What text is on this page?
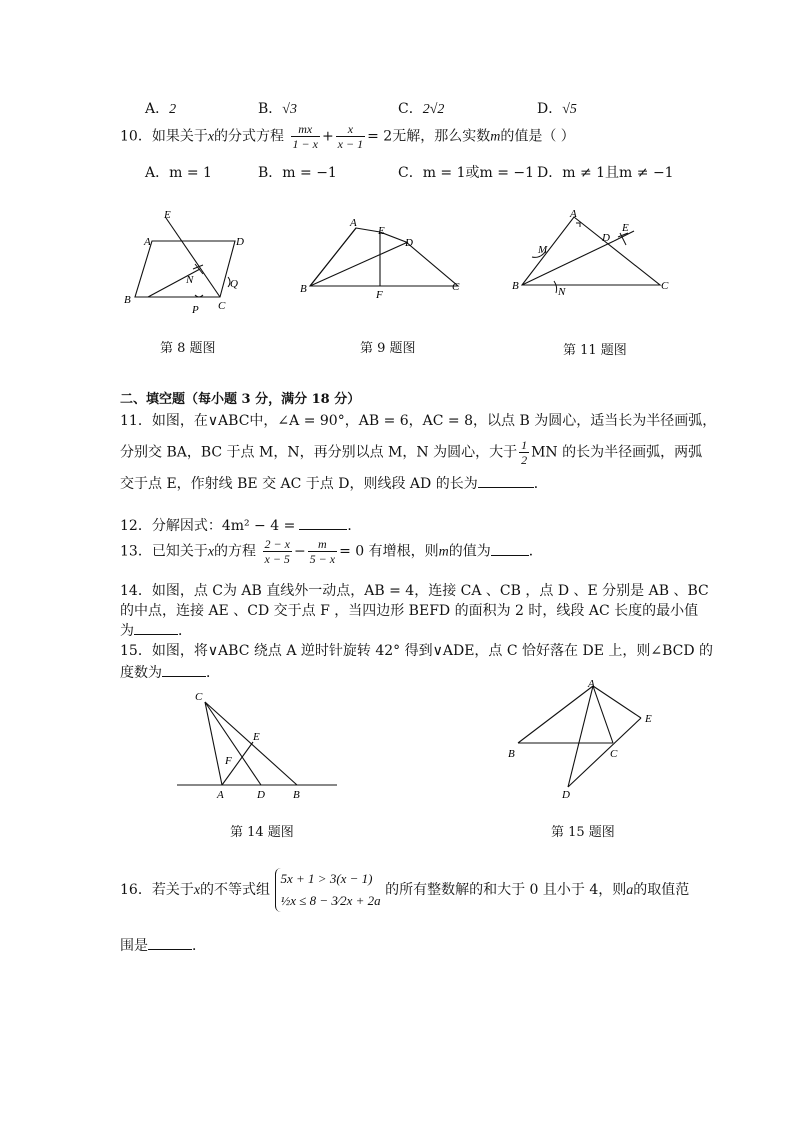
A．2	B．√3	C．2√2	D．√5
10．如果关于x的分式方程 $\frac{mx}{1 - x} + \frac{x}{x - 1} = 2$无解，那么实数m的值是（ ）
A．m = 1	B．m = −1	C．m = 1或m = −1 D．m ≠ 1且m ≠ −1
E
A	D
N	Q
B	C
P
A
E
D
B	F
C
A
D
E
M
B	N	C
第 8 题图	第 9 题图	第 11 题图
二、填空题（每小题 3 分，满分 18 分）
11．如图，在∨ABC中，∠A = 90°，AB = 6，AC = 8，以点 B 为圆心，适当长为半径画弧，
分别交 BA，BC 于点 M，N，再分别以点 M，N 为圆心，大于 $\frac{1}{2}$ MN 的长为半径画弧，两弧
交于点 E，作射线 BE 交 AC 于点 D，则线段 AD 的长为	．
12．分解因式：4m² − 4 =	．
13．已知关于x的方程 $\frac{2 - x}{x - 5} - \frac{m}{5 - x} = 0$ 有增根，则m的值为	．
14．如图，点 C为 AB 直线外一动点，AB = 4，连接 CA 、CB ，点 D 、E 分别是 AB 、BC
的中点，连接 AE 、CD 交于点 F ，当四边形 BEFD 的面积为 2 时，线段 AC 长度的最小值
为	．
15．如图，将∨ABC 绕点 A 逆时针旋转 42° 得到∨ADE，点 C 恰好落在 DE 上，则∠BCD 的
度数为	．
C
E
F
A	D	B
A
E
B	C
D
第 14 题图	第 15 题图
16．若关于x的不等式组
5x + 1 > 3(x − 1)
½x ≤ 8 − 3⁄2x + 2a
的所有整数解的和大于 0 且小于 4，则a的取值范
围是	．
